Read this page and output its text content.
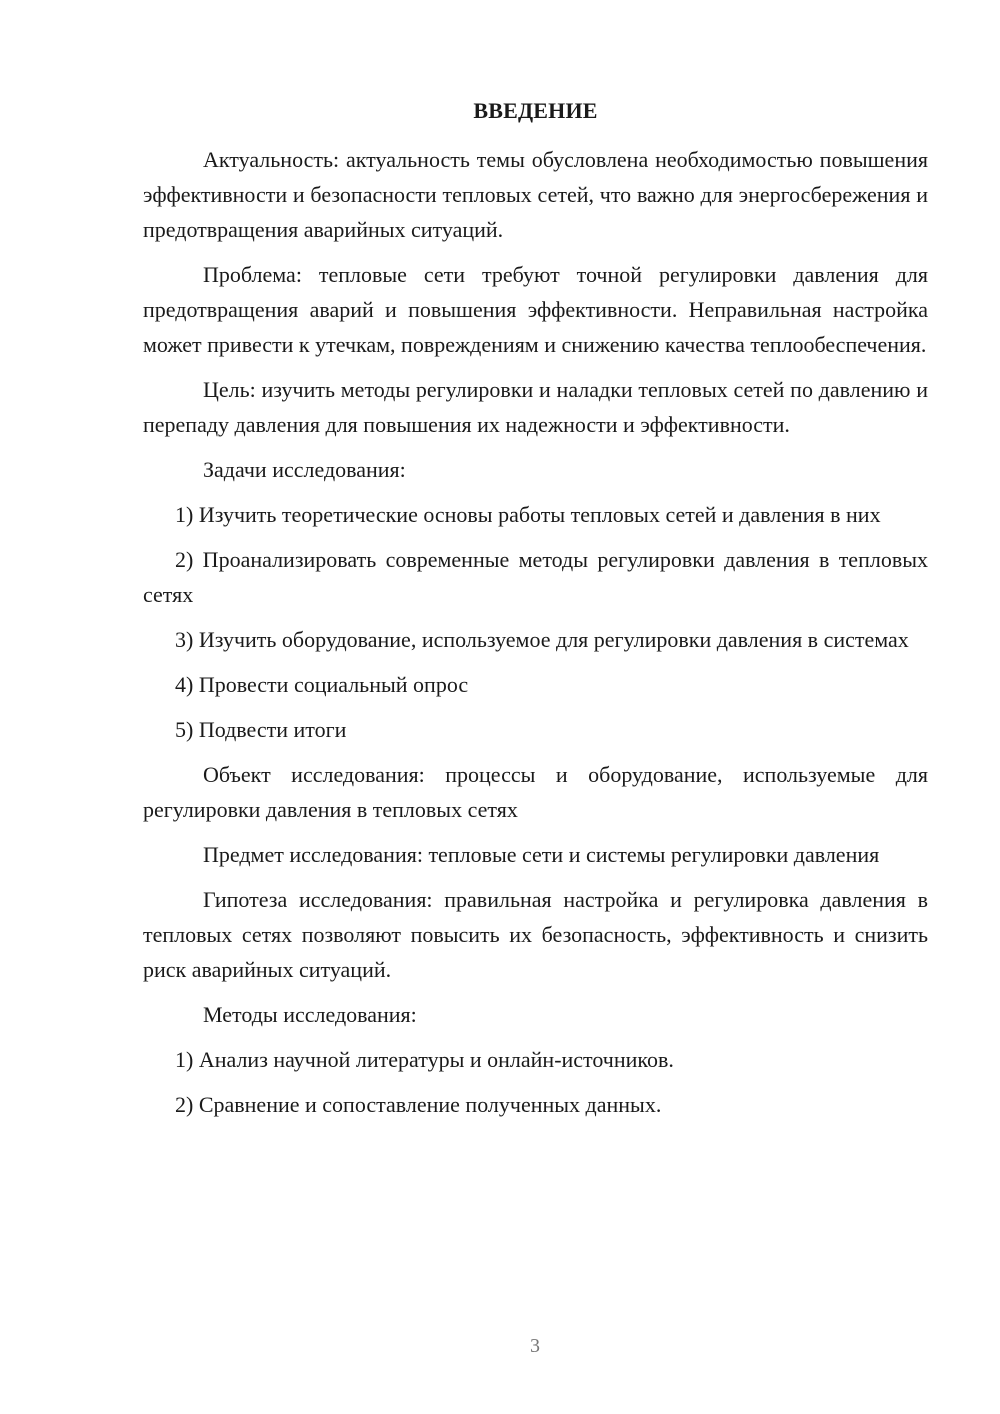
ВВЕДЕНИЕ

Актуальность: актуальность темы обусловлена необходимостью повышения эффективности и безопасности тепловых сетей, что важно для энергосбережения и предотвращения аварийных ситуаций.

Проблема: тепловые сети требуют точной регулировки давления для предотвращения аварий и повышения эффективности. Неправильная настройка может привести к утечкам, повреждениям и снижению качества теплообеспечения.

Цель: изучить методы регулировки и наладки тепловых сетей по давлению и перепаду давления для повышения их надежности и эффективности.

Задачи исследования:

1) Изучить теоретические основы работы тепловых сетей и давления в них

2) Проанализировать современные методы регулировки давления в тепловых сетях

3) Изучить оборудование, используемое для регулировки давления в системах

4) Провести социальный опрос

5) Подвести итоги

Объект исследования: процессы и оборудование, используемые для регулировки давления в тепловых сетях

Предмет исследования: тепловые сети и системы регулировки давления

Гипотеза исследования: правильная настройка и регулировка давления в тепловых сетях позволяют повысить их безопасность, эффективность и снизить риск аварийных ситуаций.

Методы исследования:

1) Анализ научной литературы и онлайн-источников.

2) Сравнение и сопоставление полученных данных.

3
